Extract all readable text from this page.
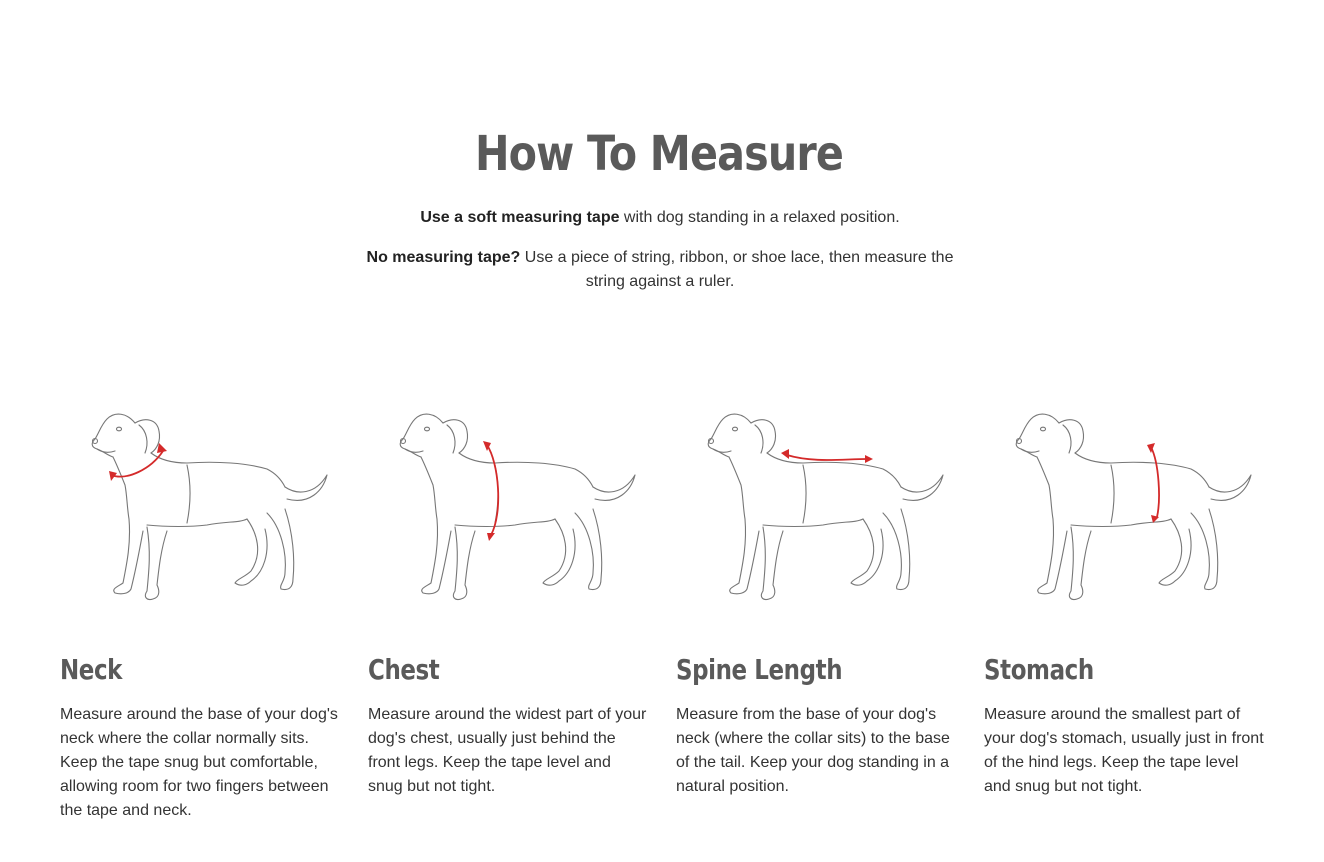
How To Measure

Use a soft measuring tape with dog standing in a relaxed position.

No measuring tape? Use a piece of string, ribbon, or shoe lace, then measure the string against a ruler.

Neck

Measure around the base of your dog's neck where the collar normally sits. Keep the tape snug but comfortable, allowing room for two fingers between the tape and neck.

Chest

Measure around the widest part of your dog's chest, usually just behind the front legs. Keep the tape level and snug but not tight.

Spine Length

Measure from the base of your dog's neck (where the collar sits) to the base of the tail. Keep your dog standing in a natural position.

Stomach

Measure around the smallest part of your dog's stomach, usually just in front of the hind legs. Keep the tape level and snug but not tight.
